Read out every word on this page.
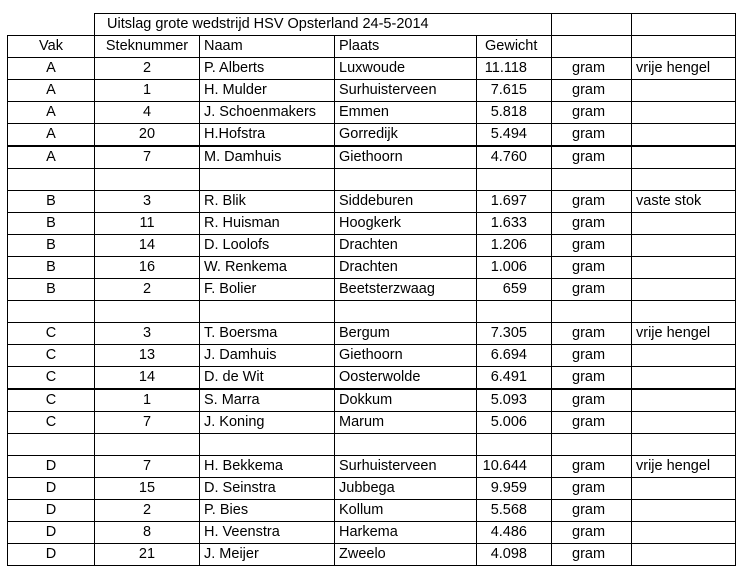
	Uitslag grote wedstrijd HSV Opsterland 24-5-2014					
Vak	Steknummer	Naam	Plaats	Gewicht		
A	2	P. Alberts	Luxwoude	11.118	gram	vrije hengel
A	1	H. Mulder	Surhuisterveen	7.615	gram	
A	4	J. Schoenmakers	Emmen	5.818	gram	
A	20	H.Hofstra	Gorredijk	5.494	gram	
A	7	M. Damhuis	Giethoorn	4.760	gram	

B	3	R. Blik	Siddeburen	1.697	gram	vaste stok
B	11	R. Huisman	Hoogkerk	1.633	gram	
B	14	D. Loolofs	Drachten	1.206	gram	
B	16	W. Renkema	Drachten	1.006	gram	
B	2	F. Bolier	Beetsterzwaag	659	gram	

C	3	T. Boersma	Bergum	7.305	gram	vrije hengel
C	13	J. Damhuis	Giethoorn	6.694	gram	
C	14	D. de Wit	Oosterwolde	6.491	gram	
C	1	S. Marra	Dokkum	5.093	gram	
C	7	J. Koning	Marum	5.006	gram	

D	7	H. Bekkema	Surhuisterveen	10.644	gram	vrije hengel
D	15	D. Seinstra	Jubbega	9.959	gram	
D	2	P. Bies	Kollum	5.568	gram	
D	8	H. Veenstra	Harkema	4.486	gram	
D	21	J. Meijer	Zweelo	4.098	gram	
